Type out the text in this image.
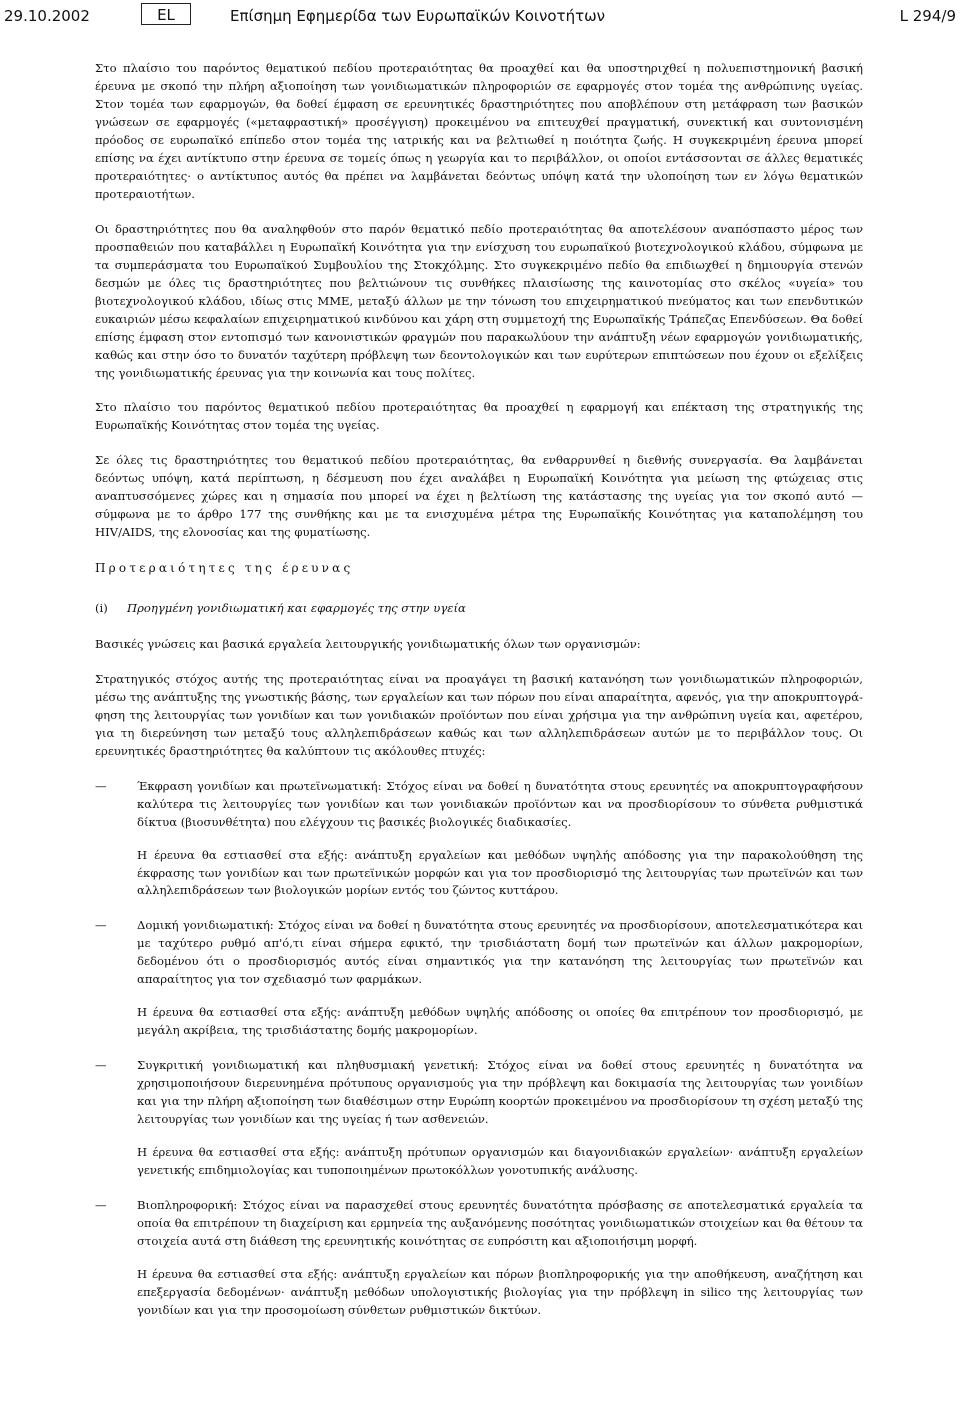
29.10.2002	EL	Επίσημη Εφημερίδα των Ευρωπαϊκών Κοινοτήτων	L 294/9

Στο πλαίσιο του παρόντος θεματικού πεδίου προτεραιότητας θα προαχθεί και θα υποστηριχθεί η πολυεπιστημονική βασική έρευνα με σκοπό την πλήρη αξιοποίηση των γονιδιωματικών πληροφοριών σε εφαρμογές στον τομέα της ανθρώπινης υγείας. Στον τομέα των εφαρμογών, θα δοθεί έμφαση σε ερευνητικές δραστηριότητες που αποβλέπουν στη μετάφραση των βασικών γνώσεων σε εφαρμογές («μεταφραστική» προσέγγιση) προκειμένου να επιτευχθεί πραγματική, συνεκτική και συντονισμένη πρόοδος σε ευρωπαϊκό επίπεδο στον τομέα της ιατρικής και να βελτιωθεί η ποιότητα ζωής. Η συγκεκριμένη έρευνα μπορεί επίσης να έχει αντίκτυπο στην έρευνα σε τομείς όπως η γεωργία και το περιβάλλον, οι οποίοι εντάσσονται σε άλλες θεματικές προτεραιότητες· ο αντίκτυπος αυτός θα πρέπει να λαμβάνεται δεόντως υπόψη κατά την υλοποίηση των εν λόγω θεματικών προτεραιοτήτων.

Οι δραστηριότητες που θα αναληφθούν στο παρόν θεματικό πεδίο προτεραιότητας θα αποτελέσουν αναπόσπαστο μέρος των προσπαθειών που καταβάλλει η Ευρωπαϊκή Κοινότητα για την ενίσχυση του ευρωπαϊκού βιοτεχνολογικού κλάδου, σύμφωνα με τα συμπεράσματα του Ευρωπαϊκού Συμβουλίου της Στοκχόλμης. Στο συγκεκριμένο πεδίο θα επιδιωχθεί η δημιουργία στενών δεσμών με όλες τις δραστηριότητες που βελτιώνουν τις συνθήκες πλαισίωσης της καινοτομίας στο σκέλος «υγεία» του βιοτεχνολογικού κλάδου, ιδίως στις ΜΜΕ, μεταξύ άλλων με την τόνωση του επιχειρηματικού πνεύματος και των επενδυτικών ευκαιριών μέσω κεφαλαίων επιχειρηματικού κινδύνου και χάρη στη συμμετοχή της Ευρωπαϊκής Τράπεζας Επενδύσεων. Θα δοθεί επίσης έμφαση στον εντοπισμό των κανονιστικών φραγμών που παρακωλύουν την ανάπτυξη νέων εφαρμογών γονιδιωματικής, καθώς και στην όσο το δυνατόν ταχύτερη πρόβλεψη των δεοντολογικών και των ευρύτερων επιπτώσεων που έχουν οι εξελίξεις της γονιδιωματικής έρευνας για την κοινωνία και τους πολίτες.

Στο πλαίσιο του παρόντος θεματικού πεδίου προτεραιότητας θα προαχθεί η εφαρμογή και επέκταση της στρατηγικής της Ευρωπαϊκής Κοινότητας στον τομέα της υγείας.

Σε όλες τις δραστηριότητες του θεματικού πεδίου προτεραιότητας, θα ενθαρρυνθεί η διεθνής συνεργασία. Θα λαμβάνεται δεόντως υπόψη, κατά περίπτωση, η δέσμευση που έχει αναλάβει η Ευρωπαϊκή Κοινότητα για μείωση της φτώχειας στις αναπτυσσόμενες χώρες και η σημασία που μπορεί να έχει η βελτίωση της κατάστασης της υγείας για τον σκοπό αυτό — σύμφωνα με το άρθρο 177 της συνθήκης και με τα ενισχυμένα μέτρα της Ευρωπαϊκής Κοινότητας για καταπολέμηση του HIV/AIDS, της ελονοσίας και της φυματίωσης.

Προτεραιότητες της έρευνας
(i) Προηγμένη γονιδιωματική και εφαρμογές της στην υγεία

Βασικές γνώσεις και βασικά εργαλεία λειτουργικής γονιδιωματικής όλων των οργανισμών:

Στρατηγικός στόχος αυτής της προτεραιότητας είναι να προαγάγει τη βασική κατανόηση των γονιδιωματικών πληροφοριών, μέσω της ανάπτυξης της γνωστικής βάσης, των εργαλείων και των πόρων που είναι απαραίτητα, αφενός, για την αποκρυπτογρά-φηση της λειτουργίας των γονιδίων και των γονιδιακών προϊόντων που είναι χρήσιμα για την ανθρώπινη υγεία και, αφετέρου, για τη διερεύνηση των μεταξύ τους αλληλεπιδράσεων καθώς και των αλληλεπιδράσεων αυτών με το περιβάλλον τους. Οι ερευνητικές δραστηριότητες θα καλύπτουν τις ακόλουθες πτυχές:

—	Έκφραση γονιδίων και πρωτεϊνωματική: Στόχος είναι να δοθεί η δυνατότητα στους ερευνητές να αποκρυπτογραφήσουν καλύτερα τις λειτουργίες των γονιδίων και των γονιδιακών προϊόντων και να προσδιορίσουν το σύνθετα ρυθμιστικά δίκτυα (βιοσυνθέτητα) που ελέγχουν τις βασικές βιολογικές διαδικασίες.
Η έρευνα θα εστιασθεί στα εξής: ανάπτυξη εργαλείων και μεθόδων υψηλής απόδοσης για την παρακολούθηση της έκφρασης των γονιδίων και των πρωτεϊνικών μορφών και για τον προσδιορισμό της λειτουργίας των πρωτεϊνών και των αλληλεπιδράσεων των βιολογικών μορίων εντός του ζώντος κυττάρου.
—	Δομική γονιδιωματική: Στόχος είναι να δοθεί η δυνατότητα στους ερευνητές να προσδιορίσουν, αποτελεσματικότερα και με ταχύτερο ρυθμό απ'ό,τι είναι σήμερα εφικτό, την τρισδιάστατη δομή των πρωτεϊνών και άλλων μακρομορίων, δεδομένου ότι ο προσδιορισμός αυτός είναι σημαντικός για την κατανόηση της λειτουργίας των πρωτεϊνών και απαραίτητος για τον σχεδιασμό των φαρμάκων.
Η έρευνα θα εστιασθεί στα εξής: ανάπτυξη μεθόδων υψηλής απόδοσης οι οποίες θα επιτρέπουν τον προσδιορισμό, με μεγάλη ακρίβεια, της τρισδιάστατης δομής μακρομορίων.
—	Συγκριτική γονιδιωματική και πληθυσμιακή γενετική: Στόχος είναι να δοθεί στους ερευνητές η δυνατότητα να χρησιμοποιήσουν διερευνημένα πρότυπους οργανισμούς για την πρόβλεψη και δοκιμασία της λειτουργίας των γονιδίων και για την πλήρη αξιοποίηση των διαθέσιμων στην Ευρώπη κοορτών προκειμένου να προσδιορίσουν τη σχέση μεταξύ της λειτουργίας των γονιδίων και της υγείας ή των ασθενειών.
Η έρευνα θα εστιασθεί στα εξής: ανάπτυξη πρότυπων οργανισμών και διαγονιδιακών εργαλείων· ανάπτυξη εργαλείων γενετικής επιδημιολογίας και τυποποιημένων πρωτοκόλλων γονοτυπικής ανάλυσης.
—	Βιοπληροφορική: Στόχος είναι να παρασχεθεί στους ερευνητές δυνατότητα πρόσβασης σε αποτελεσματικά εργαλεία τα οποία θα επιτρέπουν τη διαχείριση και ερμηνεία της αυξανόμενης ποσότητας γονιδιωματικών στοιχείων και θα θέτουν τα στοιχεία αυτά στη διάθεση της ερευνητικής κοινότητας σε ευπρόσιτη και αξιοποιήσιμη μορφή.
Η έρευνα θα εστιασθεί στα εξής: ανάπτυξη εργαλείων και πόρων βιοπληροφορικής για την αποθήκευση, αναζήτηση και επεξεργασία δεδομένων· ανάπτυξη μεθόδων υπολογιστικής βιολογίας για την πρόβλεψη in silico της λειτουργίας των γονιδίων και για την προσομοίωση σύνθετων ρυθμιστικών δικτύων.
